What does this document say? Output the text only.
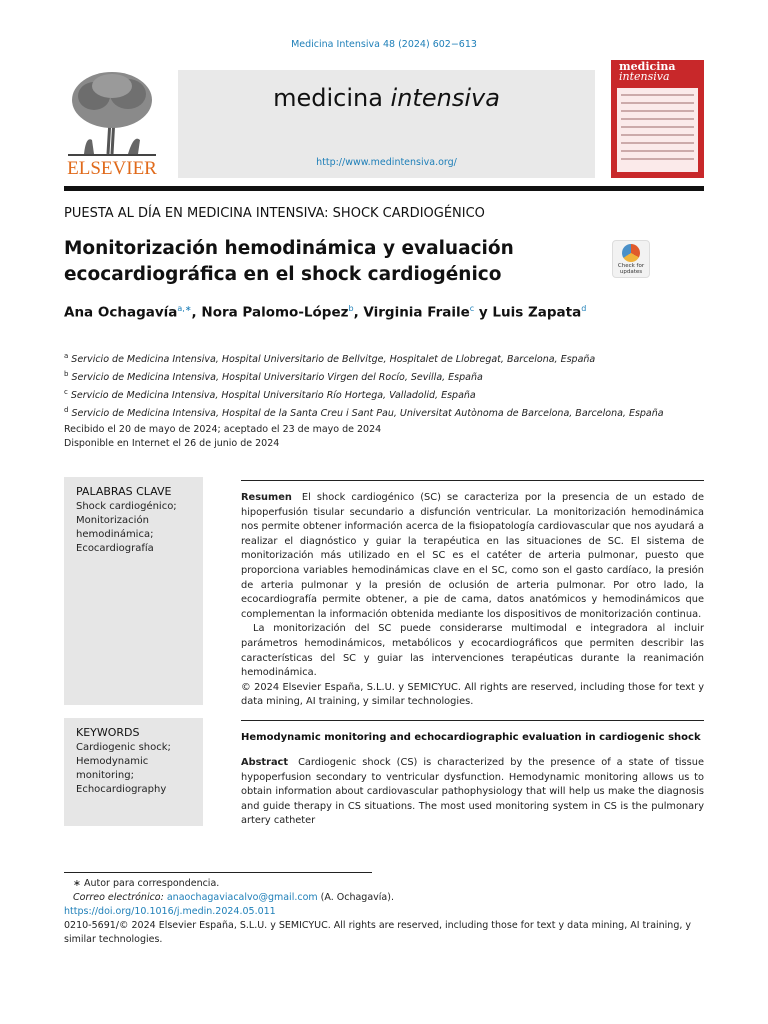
Medicina Intensiva 48 (2024) 602−613
ELSEVIER
medicina intensiva
http://www.medintensiva.org/
medicina
intensiva
PUESTA AL DÍA EN MEDICINA INTENSIVA: SHOCK CARDIOGÉNICO
Monitorización hemodinámica y evaluación ecocardiográfica en el shock cardiogénico	Check for updates
Ana Ochagavía$^{a,∗}$, Nora Palomo-López$^b$, Virginia Fraile$^c$ y Luis Zapata$^d$
$^a$ Servicio de Medicina Intensiva, Hospital Universitario de Bellvitge, Hospitalet de Llobregat, Barcelona, España
$^b$ Servicio de Medicina Intensiva, Hospital Universitario Virgen del Rocío, Sevilla, España
$^c$ Servicio de Medicina Intensiva, Hospital Universitario Río Hortega, Valladolid, España
$^d$ Servicio de Medicina Intensiva, Hospital de la Santa Creu i Sant Pau, Universitat Autònoma de Barcelona, Barcelona, España
Recibido el 20 de mayo de 2024; aceptado el 23 de mayo de 2024
Disponible en Internet el 26 de junio de 2024
PALABRAS CLAVE
Shock cardiogénico;
Monitorización
hemodinámica;
Ecocardiografía

Resumen El shock cardiogénico (SC) se caracteriza por la presencia de un estado de hipoperfusión tisular secundario a disfunción ventricular. La monitorización hemodinámica nos permite obtener información acerca de la fisiopatología cardiovascular que nos ayudará a realizar el diagnóstico y guiar la terapéutica en las situaciones de SC. El sistema de monitorización más utilizado en el SC es el catéter de arteria pulmonar, puesto que proporciona variables hemodinámicas clave en el SC, como son el gasto cardíaco, la presión de arteria pulmonar y la presión de oclusión de arteria pulmonar. Por otro lado, la ecocardiografía permite obtener, a pie de cama, datos anatómicos y hemodinámicos que complementan la información obtenida mediante los dispositivos de monitorización continua.

La monitorización del SC puede considerarse multimodal e integradora al incluir parámetros hemodinámicos, metabólicos y ecocardiográficos que permiten describir las características del SC y guiar las intervenciones terapéuticas durante la reanimación hemodinámica.

© 2024 Elsevier España, S.L.U. y SEMICYUC. All rights are reserved, including those for text y data mining, AI training, y similar technologies.

KEYWORDS
Cardiogenic shock;
Hemodynamic
monitoring;
Echocardiography
Hemodynamic monitoring and echocardiographic evaluation in cardiogenic shock

Abstract Cardiogenic shock (CS) is characterized by the presence of a state of tissue hypoperfusion secondary to ventricular dysfunction. Hemodynamic monitoring allows us to obtain information about cardiovascular pathophysiology that will help us make the diagnosis and guide therapy in CS situations. The most used monitoring system in CS is the pulmonary artery catheter

∗ Autor para correspondencia.
Correo electrónico: anaochagaviacalvo@gmail.com (A. Ochagavía).
https://doi.org/10.1016/j.medin.2024.05.011
0210-5691/© 2024 Elsevier España, S.L.U. y SEMICYUC. All rights are reserved, including those for text y data mining, AI training, y similar technologies.
